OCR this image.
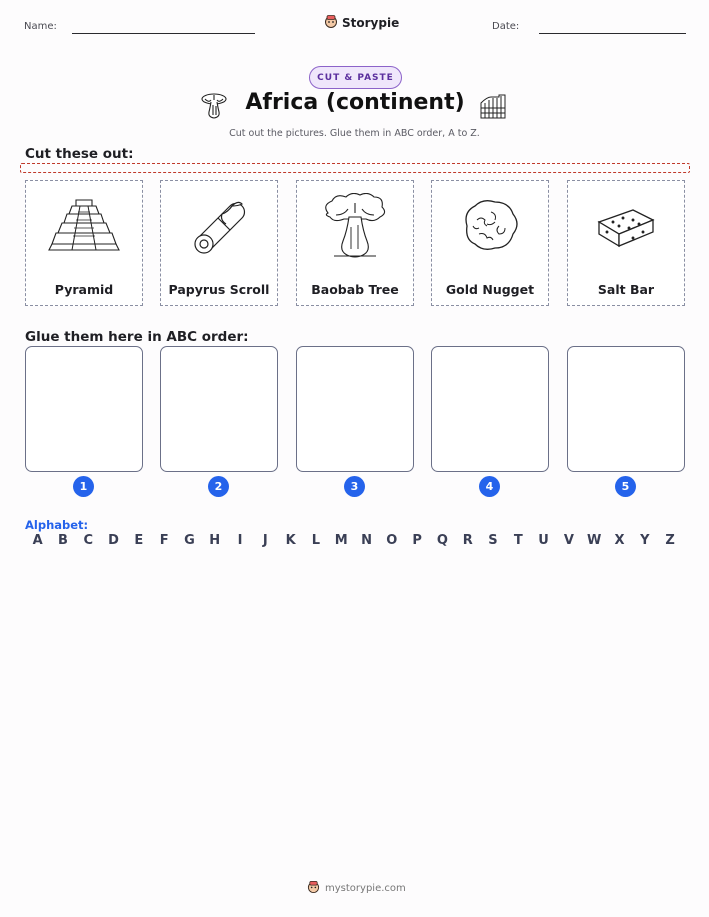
Name:	Storypie	Date:
CUT & PASTE
Africa (continent)
Cut out the pictures. Glue them in ABC order, A to Z.
Cut these out:
Pyramid	Papyrus Scroll	Baobab Tree	Gold Nugget	Salt Bar
Glue them here in ABC order:
1	2	3	4	5
Alphabet:
A	B	C	D	E	F	G	H	I	J	K	L	M	N	O	P	Q	R	S	T	U	V	W	X	Y	Z
mystorypie.com
